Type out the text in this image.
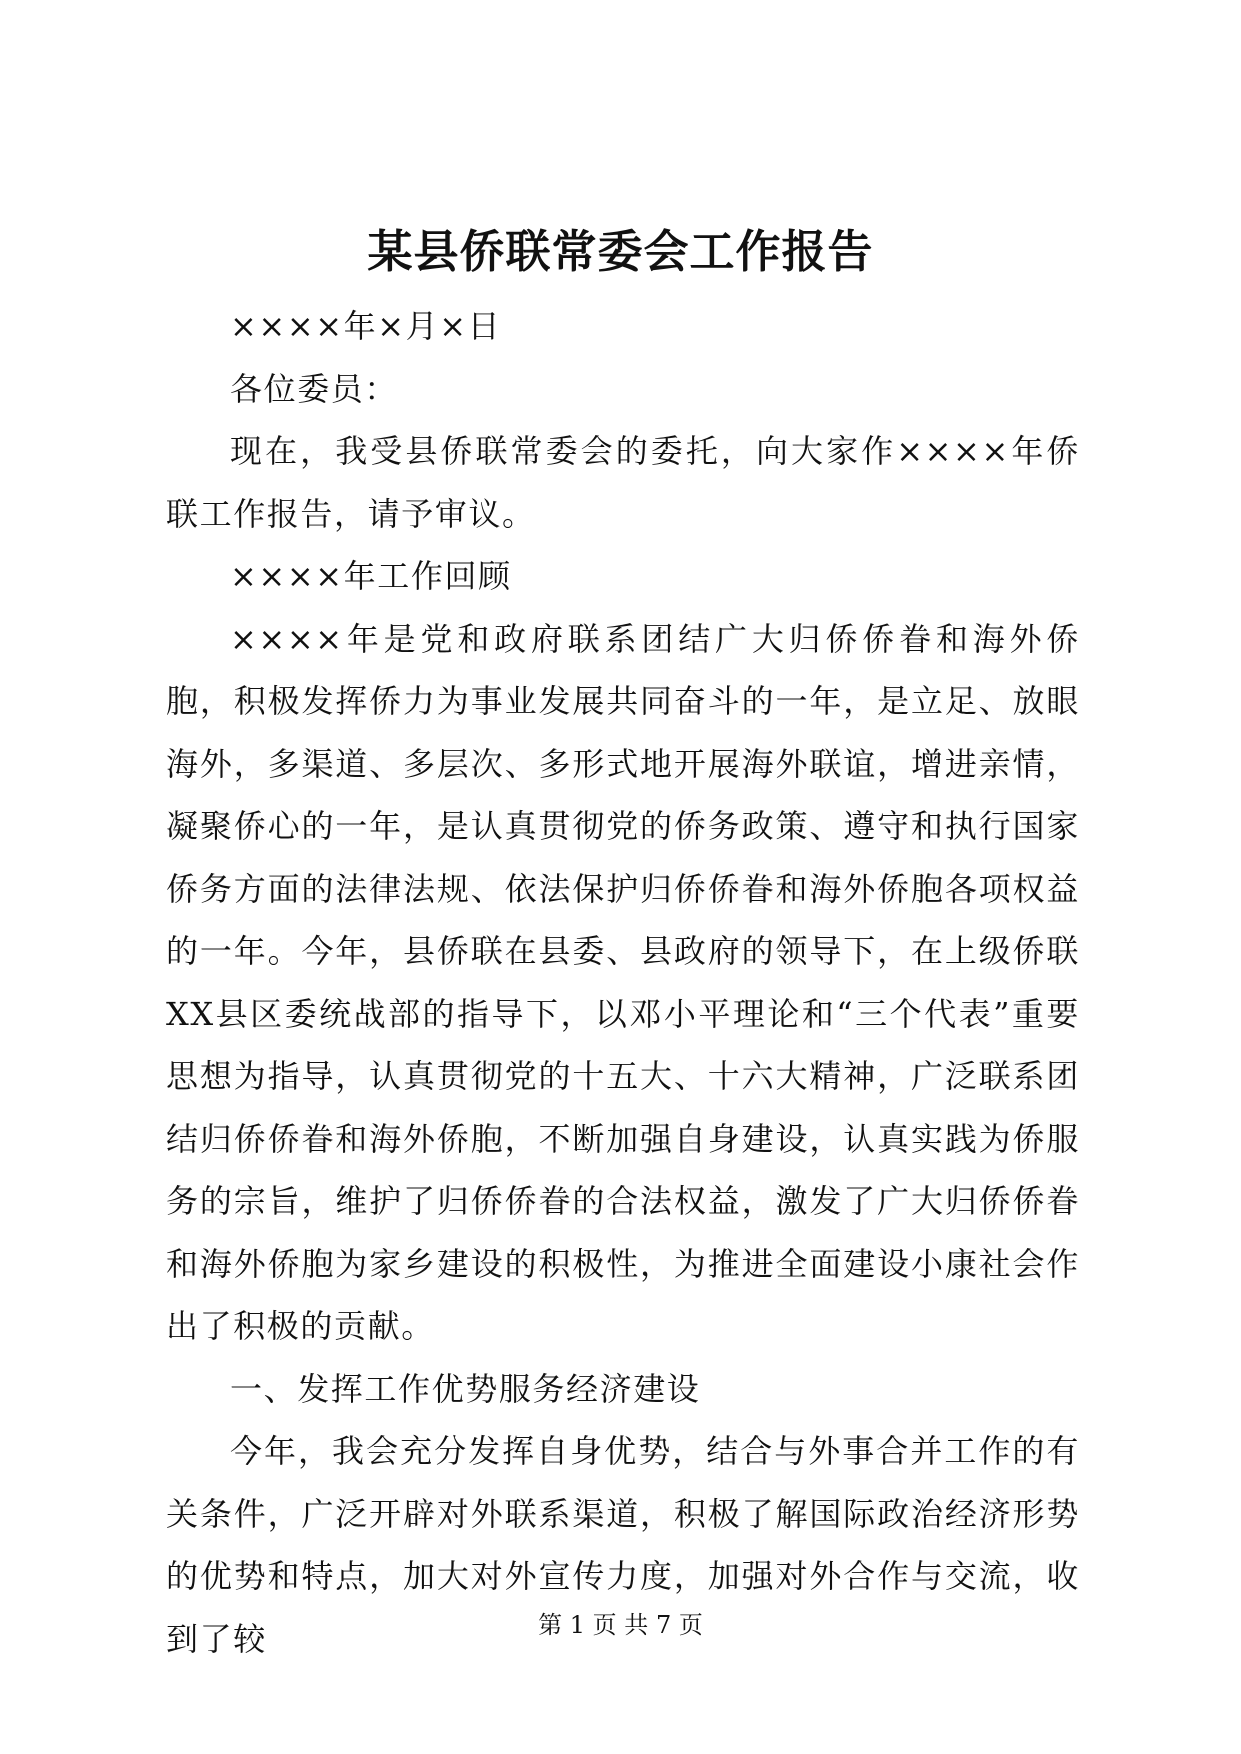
某县侨联常委会工作报告

××××年×月×日

各位委员：

现在，我受县侨联常委会的委托，向大家作××××年侨联工作报告，请予审议。

××××年工作回顾

××××年是党和政府联系团结广大归侨侨眷和海外侨胞，积极发挥侨力为事业发展共同奋斗的一年，是立足、放眼海外，多渠道、多层次、多形式地开展海外联谊，增进亲情，凝聚侨心的一年，是认真贯彻党的侨务政策、遵守和执行国家侨务方面的法律法规、依法保护归侨侨眷和海外侨胞各项权益的一年。今年，县侨联在县委、县政府的领导下，在上级侨联XX县区委统战部的指导下，以邓小平理论和“三个代表”重要思想为指导，认真贯彻党的十五大、十六大精神，广泛联系团结归侨侨眷和海外侨胞，不断加强自身建设，认真实践为侨服务的宗旨，维护了归侨侨眷的合法权益，激发了广大归侨侨眷和海外侨胞为家乡建设的积极性，为推进全面建设小康社会作出了积极的贡献。

一、发挥工作优势服务经济建设

今年，我会充分发挥自身优势，结合与外事合并工作的有关条件，广泛开辟对外联系渠道，积极了解国际政治经济形势的优势和特点，加大对外宣传力度，加强对外合作与交流，收到了较	第 1 页 共 7 页
